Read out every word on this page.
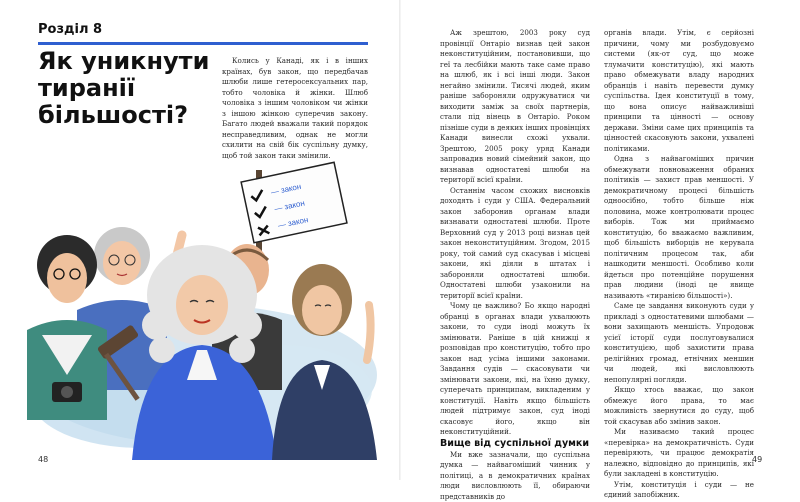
Розділ 8
Як уникнути
тиранії
більшості?

Колись у Канаді, як і в інших країнах, був закон, що передбачав шлюби лише гетеросексуальних пар, тобто чоловіка й жінки. Шлюб чоловіка з іншим чоловіком чи жінки з іншою жінкою суперечив закону. Багато людей вважали такий порядок несправедливим, однак не могли схилити на свій бік суспільну думку, щоб той закон таки змінили.

— закон
— закон
— закон
48

Аж зрештою, 2003 року суд провінції Онтаріо визнав цей закон неконституційним, постановивши, що геї та лесбійки мають таке саме право на шлюб, як і всі інші люди. Закон негайно змінили. Тисячі людей, яким раніше забороняли одружуватися чи виходити заміж за своїх партнерів, стали під вінець в Онтаріо. Роком пізніше суди в деяких інших провінціях Канади винесли схожі ухвали. Зрештою, 2005 року уряд Канади запровадив новий сімейний закон, що визнавав одностатеві шлюби на території всієї країни.

Останнім часом схожих висновків доходять і суди у США. Федеральний закон заборонив органам влади визнавати одностатеві шлюби. Проте Верховний суд у 2013 році визнав цей закон неконституційним. Згодом, 2015 року, той самий суд скасував і місцеві закони, які діяли в штатах і забороняли одностатеві шлюби. Одностатеві шлюби узаконили на території всієї країни.

Чому це важливо? Бо якщо народні обранці в органах влади ухвалюють закони, то суди іноді можуть їх змінювати. Раніше в цій книжці я розповідав про конституцію, тобто про закон над усіма іншими законами. Завдання судів — скасовувати чи змінювати закони, які, на їхню думку, суперечать принципам, викладеним у конституції. Навіть якщо більшість людей підтримує закон, суд іноді скасовує його, якщо він неконституційний.

Вище від суспільної думки

Ми вже зазначали, що суспільна думка — найвагоміший чинник у політиці, а в демократичних країнах люди висловлюють її, обираючи представників до

органів влади. Утім, є серйозні причини, чому ми розбудовуємо системи (як-от суд, що може тлумачити конституцію), які мають право обмежувати владу народних обранців і навіть перевести думку суспільства. Ідея конституції в тому, що вона описує найважливіші принципи та цінності — основу держави. Зміни саме цих принципів та цінностей скасовують закони, ухвалені політиками.

Одна з найвагоміших причин обмежувати повноваження обраних політиків — захист прав меншості. У демократичному процесі більшість одноосібно, тобто більше ніж половина, може контролювати процес виборів. Тож ми приймаємо конституцію, бо вважаємо важливим, щоб більшість виборців не керувала політичним процесом так, аби нашкодити меншості. Особливо коли йдеться про потенційне порушення прав людини (іноді це явище називають «тиранією більшості»).

Саме це завдання виконують суди у прикладі з одностатевими шлюбами — вони захищають меншість. Упродовж усієї історії суди послуговувалися конституцією, щоб захистити права релігійних громад, етнічних меншин чи людей, які висловлюють непопулярні погляди.

Якщо хтось вважає, що закон обмежує його права, то має можливість звернутися до суду, щоб той скасував або змінив закон.

Ми називаємо такий процес «перевірка» на демократичність. Суди перевіряють, чи працює демократія належно, відповідно до принципів, які були закладені в конституцію.

Утім, конституція і суди — не єдиний запобіжник.

49
